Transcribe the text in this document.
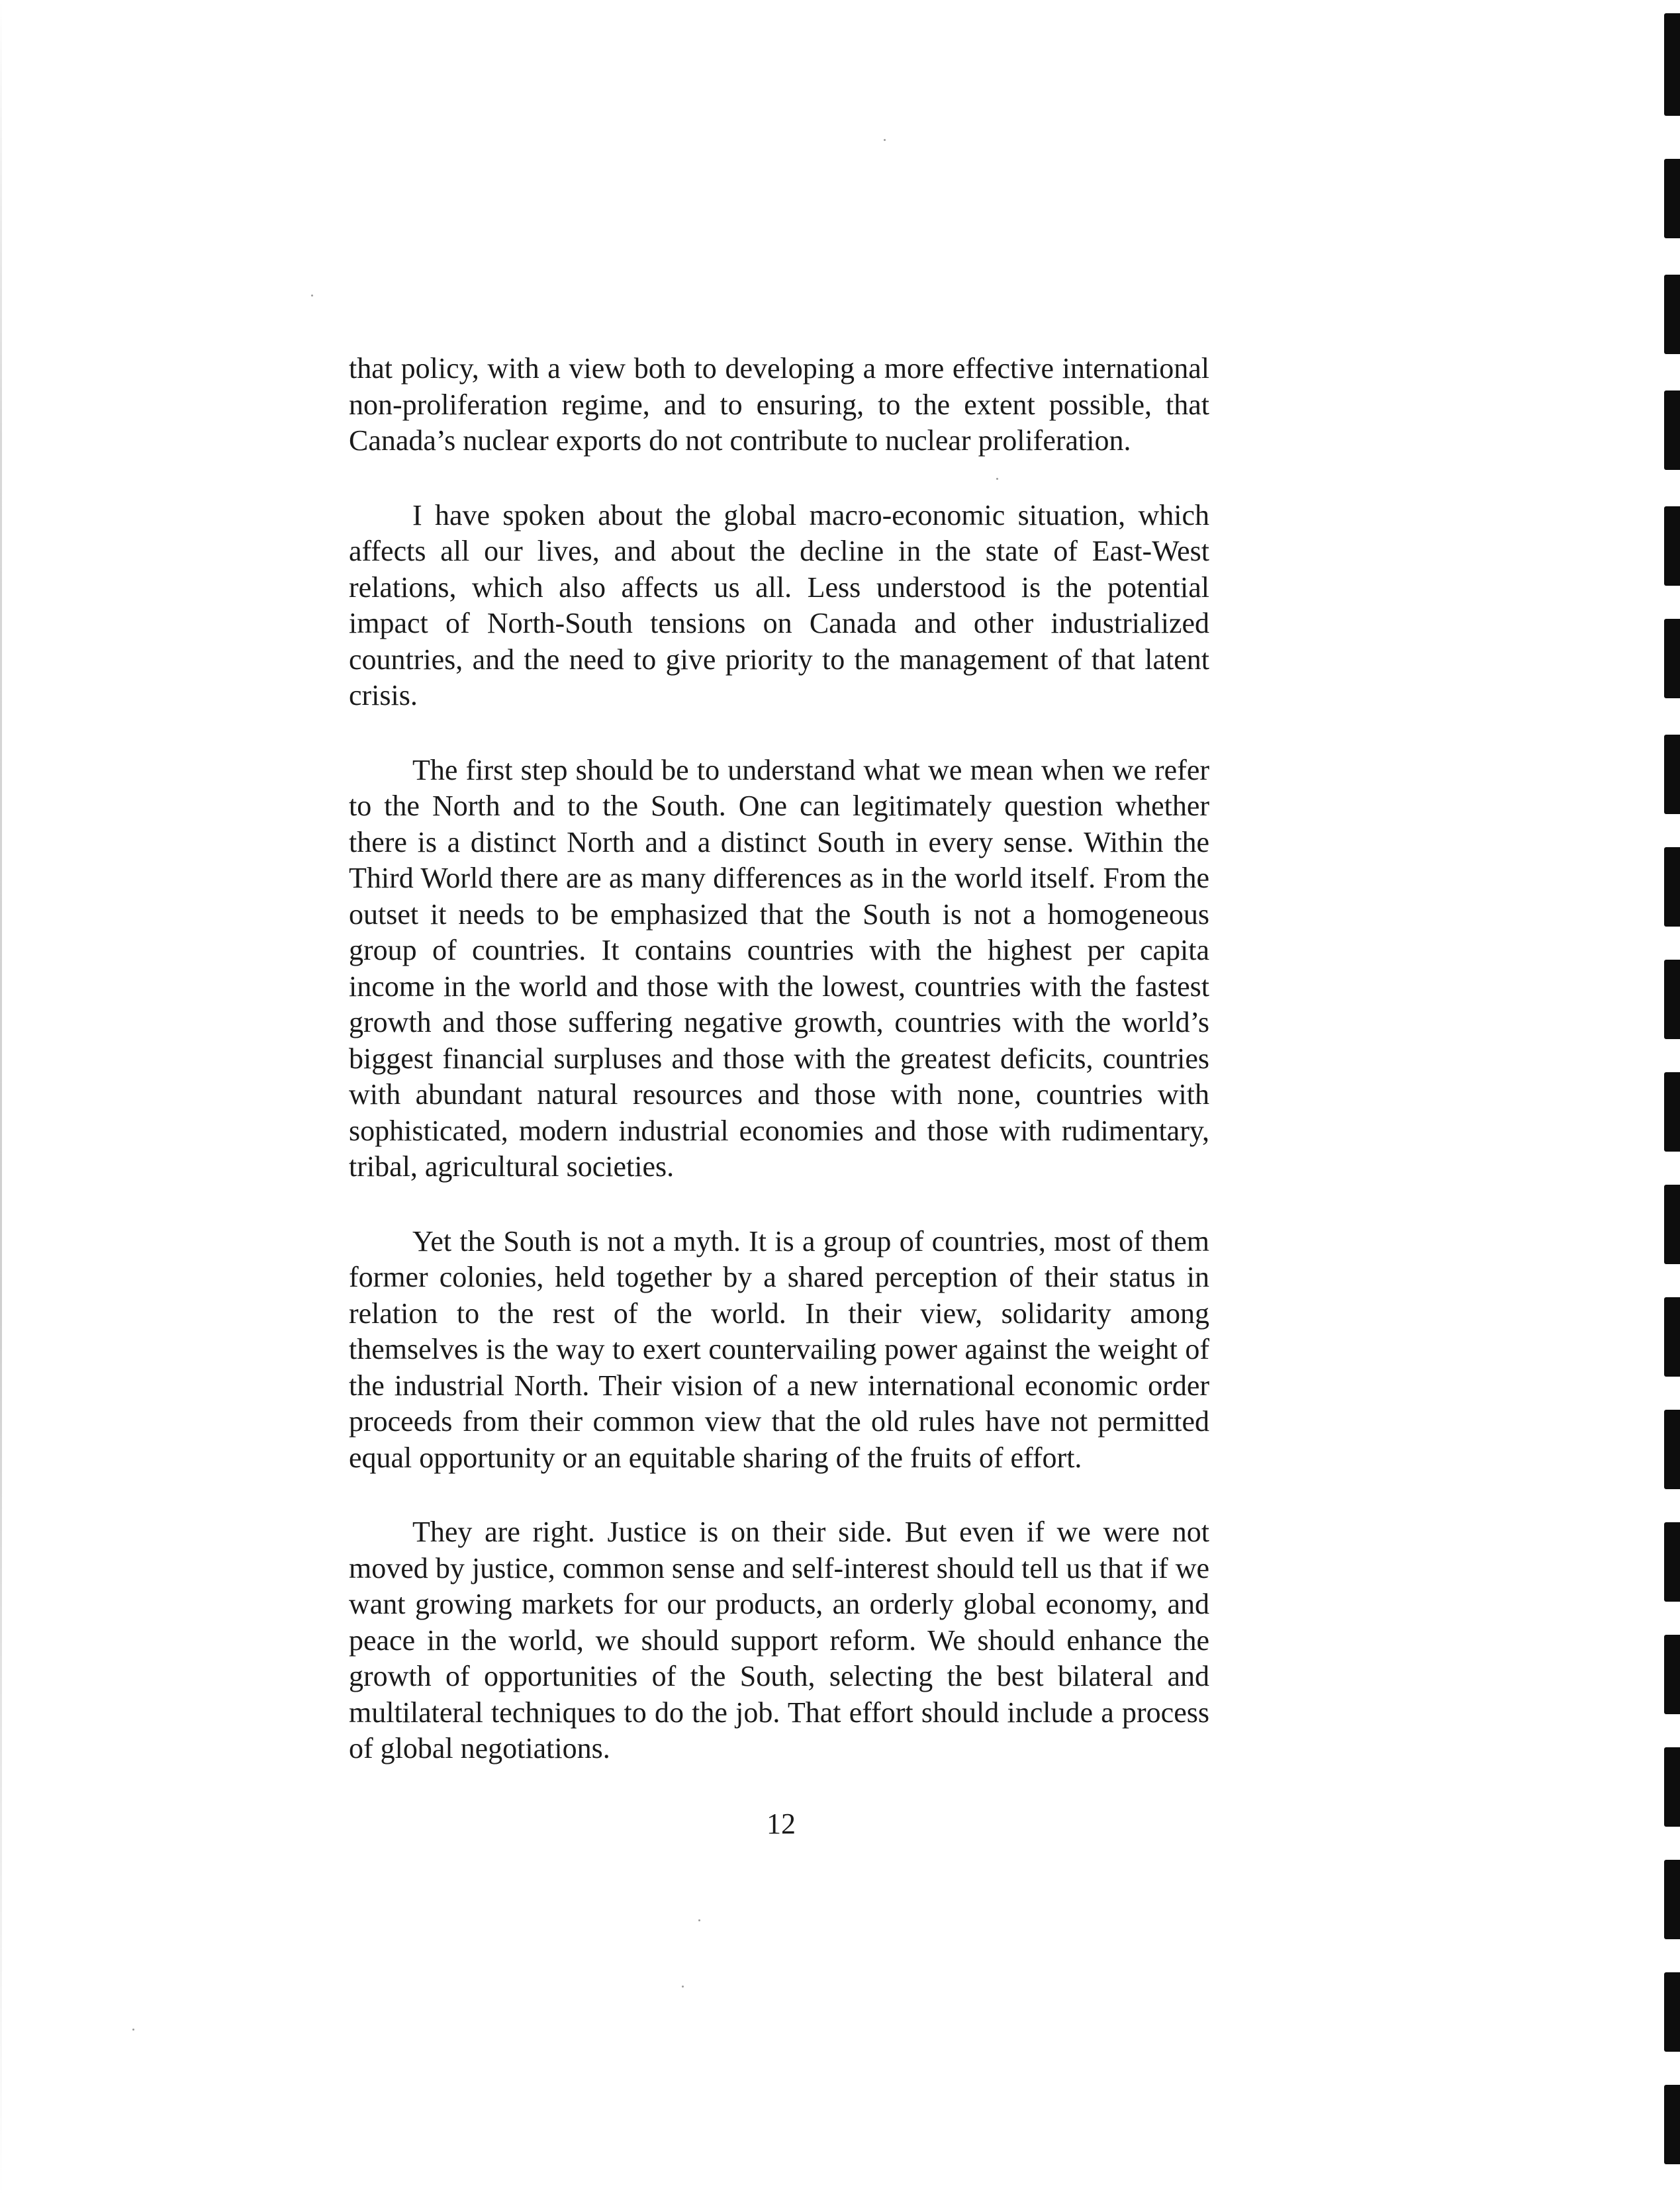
that policy, with a view both to developing a more effective international non-proliferation regime, and to ensuring, to the extent possible, that Canada’s nuclear exports do not contribute to nuclear proliferation.

I have spoken about the global macro-economic situation, which affects all our lives, and about the decline in the state of East-West relations, which also affects us all. Less understood is the potential impact of North-South tensions on Canada and other industrialized countries, and the need to give priority to the management of that latent crisis.

The first step should be to understand what we mean when we refer to the North and to the South. One can legitimately question whether there is a distinct North and a distinct South in every sense. Within the Third World there are as many differences as in the world itself. From the outset it needs to be emphasized that the South is not a homogeneous group of countries. It contains countries with the highest per capita income in the world and those with the lowest, countries with the fastest growth and those suffering negative growth, countries with the world’s biggest financial surpluses and those with the greatest deficits, countries with abundant natural resources and those with none, countries with sophisticated, modern industrial economies and those with rudimentary, tribal, agricultural societies.

Yet the South is not a myth. It is a group of countries, most of them former colonies, held together by a shared perception of their status in relation to the rest of the world. In their view, solidarity among themselves is the way to exert countervailing power against the weight of the industrial North. Their vision of a new international economic order proceeds from their common view that the old rules have not permitted equal opportunity or an equitable sharing of the fruits of effort.

They are right. Justice is on their side. But even if we were not moved by justice, common sense and self-interest should tell us that if we want growing markets for our products, an orderly global economy, and peace in the world, we should support reform. We should enhance the growth of opportunities of the South, selecting the best bilateral and multilateral techniques to do the job. That effort should include a process of global negotiations.

12
